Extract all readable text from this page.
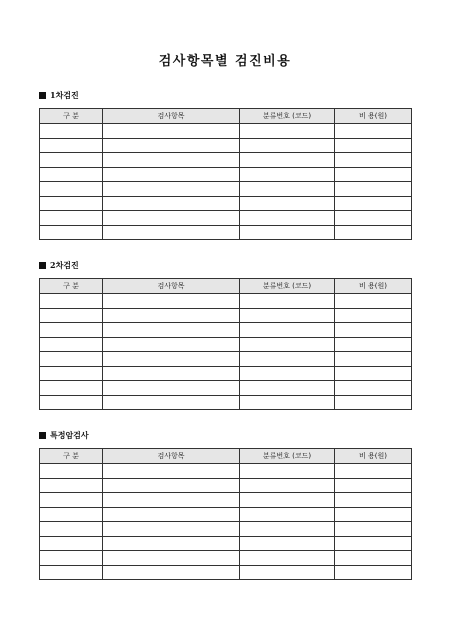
검사항목별 검진비용
1차검진
구 분	검사항목	분류번호 (코드)	비 용(원)

2차검진
구 분	검사항목	분류번호 (코드)	비 용(원)

특정암검사
구 분	검사항목	분류번호 (코드)	비 용(원)
